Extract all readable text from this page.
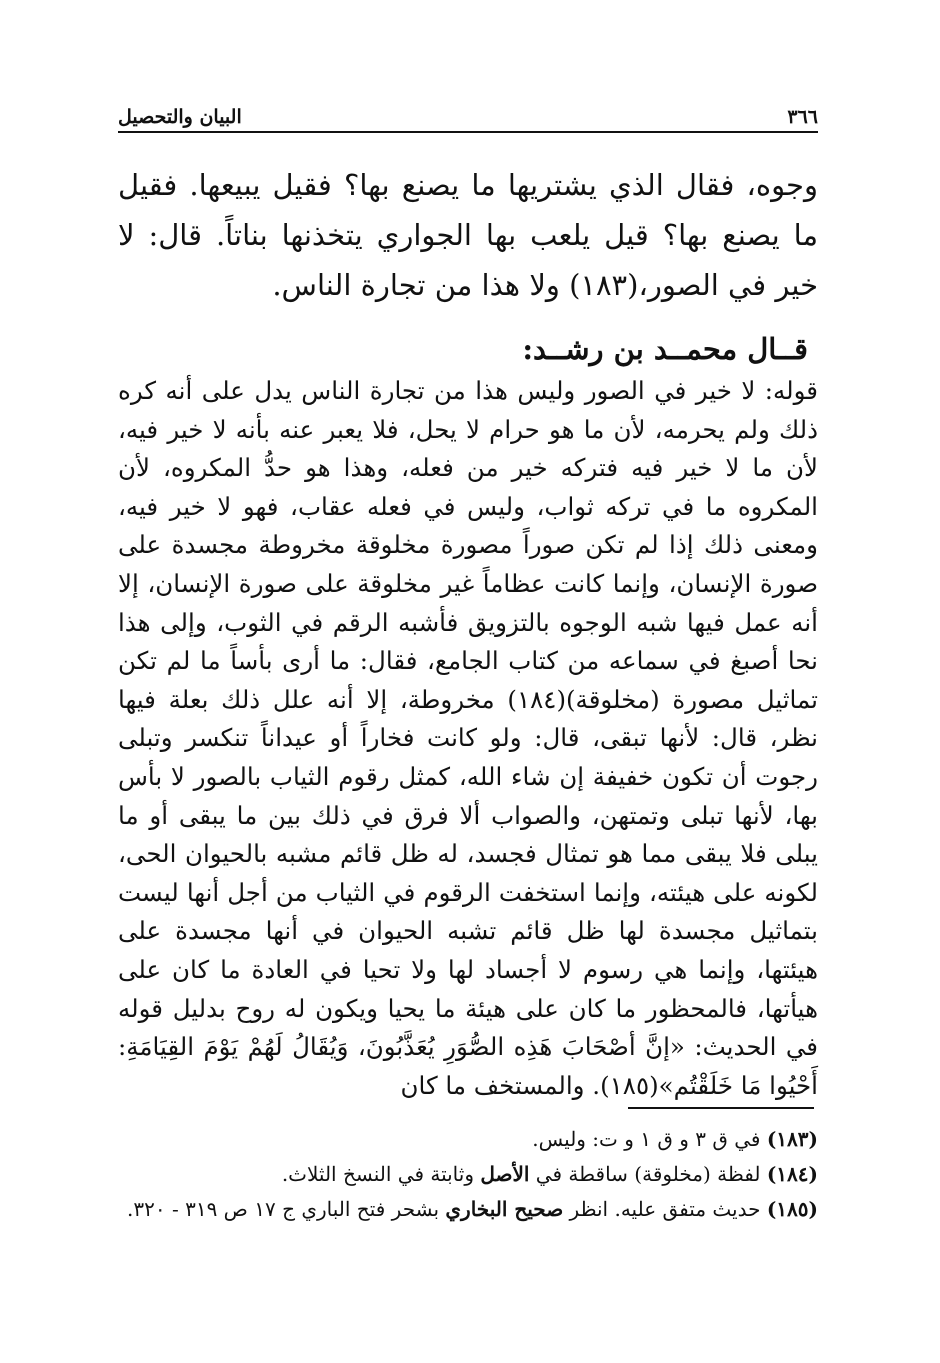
٣٦٦
البيان والتحصيل
وجوه، فقال الذي يشتريها ما يصنع بها؟ فقيل يبيعها. فقيل ما يصنع بها؟ قيل يلعب بها الجواري يتخذنها بناتاً. قال: لا خير في الصور،(١٨٣) ولا هذا من تجارة الناس.
قــال محمــد بن رشــد:
قوله: لا خير في الصور وليس هذا من تجارة الناس يدل على أنه كره ذلك ولم يحرمه، لأن ما هو حرام لا يحل، فلا يعبر عنه بأنه لا خير فيه، لأن ما لا خير فيه فتركه خير من فعله، وهذا هو حدُّ المكروه، لأن المكروه ما في تركه ثواب، وليس في فعله عقاب، فهو لا خير فيه، ومعنى ذلك إذا لم تكن صوراً مصورة مخلوقة مخروطة مجسدة على صورة الإنسان، وإنما كانت عظاماً غير مخلوقة على صورة الإنسان، إلا أنه عمل فيها شبه الوجوه بالتزويق فأشبه الرقم في الثوب، وإلى هذا نحا أصبغ في سماعه من كتاب الجامع، فقال: ما أرى بأساً ما لم تكن تماثيل مصورة (مخلوقة)(١٨٤) مخروطة، إلا أنه علل ذلك بعلة فيها نظر، قال: لأنها تبقى، قال: ولو كانت فخاراً أو عيداناً تنكسر وتبلى رجوت أن تكون خفيفة إن شاء الله، كمثل رقوم الثياب بالصور لا بأس بها، لأنها تبلى وتمتهن، والصواب ألا فرق في ذلك بين ما يبقى أو ما يبلى فلا يبقى مما هو تمثال فجسد، له ظل قائم مشبه بالحيوان الحى، لكونه على هيئته، وإنما استخفت الرقوم في الثياب من أجل أنها ليست بتماثيل مجسدة لها ظل قائم تشبه الحيوان في أنها مجسدة على هيئتها، وإنما هي رسوم لا أجساد لها ولا تحيا في العادة ما كان على هيأتها، فالمحظور ما كان على هيئة ما يحيا ويكون له روح بدليل قوله في الحديث: «إنَّ أصْحَابَ هَذِه الصُّوَرِ يُعَذَّبُونَ، وَيُقَالُ لَهُمْ يَوْمَ القِيَامَةِ: أَحْيُوا مَا خَلَقْتُم»(١٨٥). والمستخف ما كان

(١٨٣) في ق ٣ و ق ١ و ت: وليس.

(١٨٤) لفظة (مخلوقة) ساقطة في الأصل وثابتة في النسخ الثلاث.

(١٨٥) حديث متفق عليه. انظر صحيح البخاري بشحر فتح الباري ج ١٧ ص ٣١٩ - ٣٢٠.
